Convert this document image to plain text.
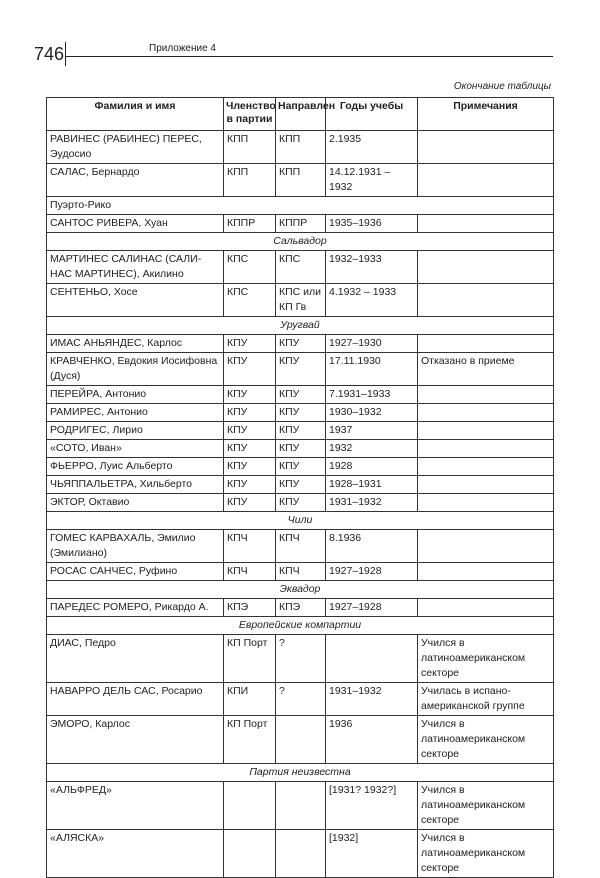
746	Приложение 4
Окончание таблицы
Фамилия и имя	Членство в партии	Направлен	Годы учебы	Примечания
РАВИНЕС (РАБИНЕС) ПЕРЕС, Эудосио	КПП	КПП	2.1935	
САЛАС, Бернардо	КПП	КПП	14.12.1931 – 1932	
Пуэрто-Рико				
САНТОС РИВЕРА, Хуан	КППР	КППР	1935–1936	
Сальвадор				
МАРТИНЕС САЛИНАС (САЛИ-НАС МАРТИНЕС), Акилино	КПС	КПС	1932–1933	
СЕНТЕНЬО, Хосе	КПС	КПС или КП Гв	4.1932 – 1933	
Уругвай				
ИМАС АНЬЯНДЕС, Карлос	КПУ	КПУ	1927–1930	
КРАВЧЕНКО, Евдокия Иосифовна (Дуся)	КПУ	КПУ	17.11.1930	Отказано в приеме
ПЕРЕЙРА, Антонио	КПУ	КПУ	7.1931–1933	
РАМИРЕС, Антонио	КПУ	КПУ	1930–1932	
РОДРИГЕС, Лирио	КПУ	КПУ	1937	
«СОТО, Иван»	КПУ	КПУ	1932	
ФЬЕРРО, Луис Альберто	КПУ	КПУ	1928	
ЧЬЯППАЛЬЕТРА, Хильберто	КПУ	КПУ	1928–1931	
ЭКТОР, Октавио	КПУ	КПУ	1931–1932	
Чили				
ГОМЕС КАРВАХАЛЬ, Эмилио (Эмилиано)	КПЧ	КПЧ	8.1936	
РОСАС САНЧЕС, Руфино	КПЧ	КПЧ	1927–1928	
Эквадор				
ПАРЕДЕС РОМЕРО, Рикардо А.	КПЭ	КПЭ	1927–1928	
Европейские компартии				
ДИАС, Педро	КП Порт	?		Учился в латиноамериканском секторе
НАВАРРО ДЕЛЬ САС, Росарио	КПИ	?	1931–1932	Училась в испано-американской группе
ЭМОРО, Карлос	КП Порт		1936	Учился в латиноамериканском секторе
Партия неизвестна				
«АЛЬФРЕД»			[1931? 1932?]	Учился в латиноамериканском секторе
«АЛЯСКА»			[1932]	Учился в латиноамериканском секторе
